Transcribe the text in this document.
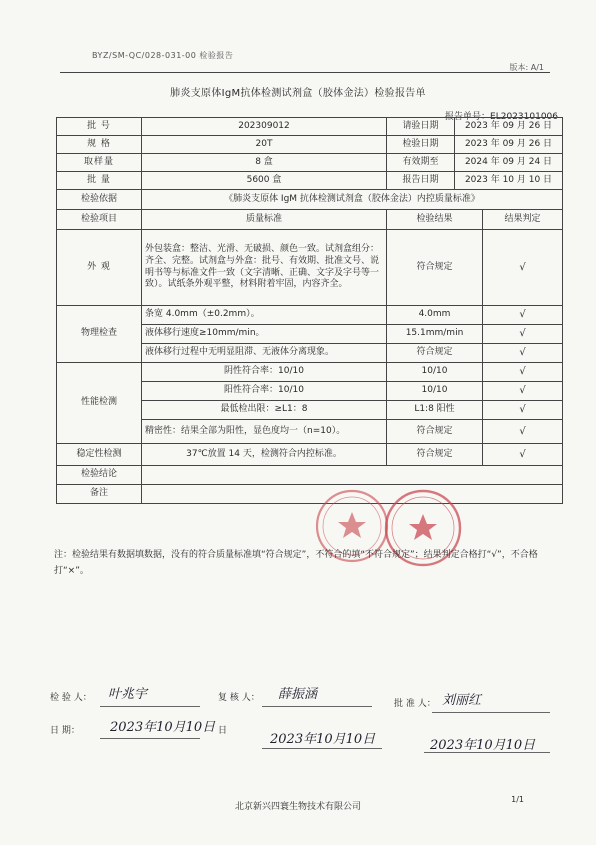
BYZ/SM-QC/028-031-00 检验报告
版本: A/1
肺炎支原体IgM抗体检测试剂盒（胶体金法）检验报告单
报告单号：EL2023101006
批 号	202309012	请验日期	2023 年 09 月 26 日	
规 格	20T	检验日期	2023 年 09 月 26 日	
取样量	8 盒	有效期至	2024 年 09 月 24 日	
批 量	5600 盒	报告日期	2023 年 10 月 10 日	
检验依据	《肺炎支原体 IgM 抗体检测试剂盒（胶体金法）内控质量标准》			
检验项目	质量标准	检验结果		结果判定
外 观	外包装盒：整洁、光滑、无破损、颜色一致。试剂盒组分：齐全、完整。试剂盒与外盒：批号、有效期、批准文号、说明书等与标准文件一致（文字清晰、正确、文字及字号等一致）。试纸条外观平整，材料附着牢固，内容齐全。	符合规定		√
物理检查	条宽 4.0mm（±0.2mm）。	4.0mm		√
	液体移行速度≥10mm/min。	15.1mm/min		√
	液体移行过程中无明显阻滞、无液体分离现象。	符合规定		√
性能检测	阴性符合率：10/10	10/10		√
	阳性符合率：10/10	10/10		√
	最低检出限：≥L1：8	L1:8 阳性		√
	精密性：结果全部为阳性，显色度均一（n=10）。	符合规定		√
稳定性检测	37℃放置 14 天，检测符合内控标准。	符合规定		√
检验结论				
备注				
注：检验结果有数据填数据，没有的符合质量标准填“符合规定”，不符合的填“不符合规定”；结果判定合格打“√”，不合格打“×”。
检 验 人： 叶兆宇	复 核 人： 薛振涵
批 准 人： 刘丽红
日 期： 2023年10月10日 日
2023年10月10日	2023年10月10日
北京新兴四寰生物技术有限公司
1/1
